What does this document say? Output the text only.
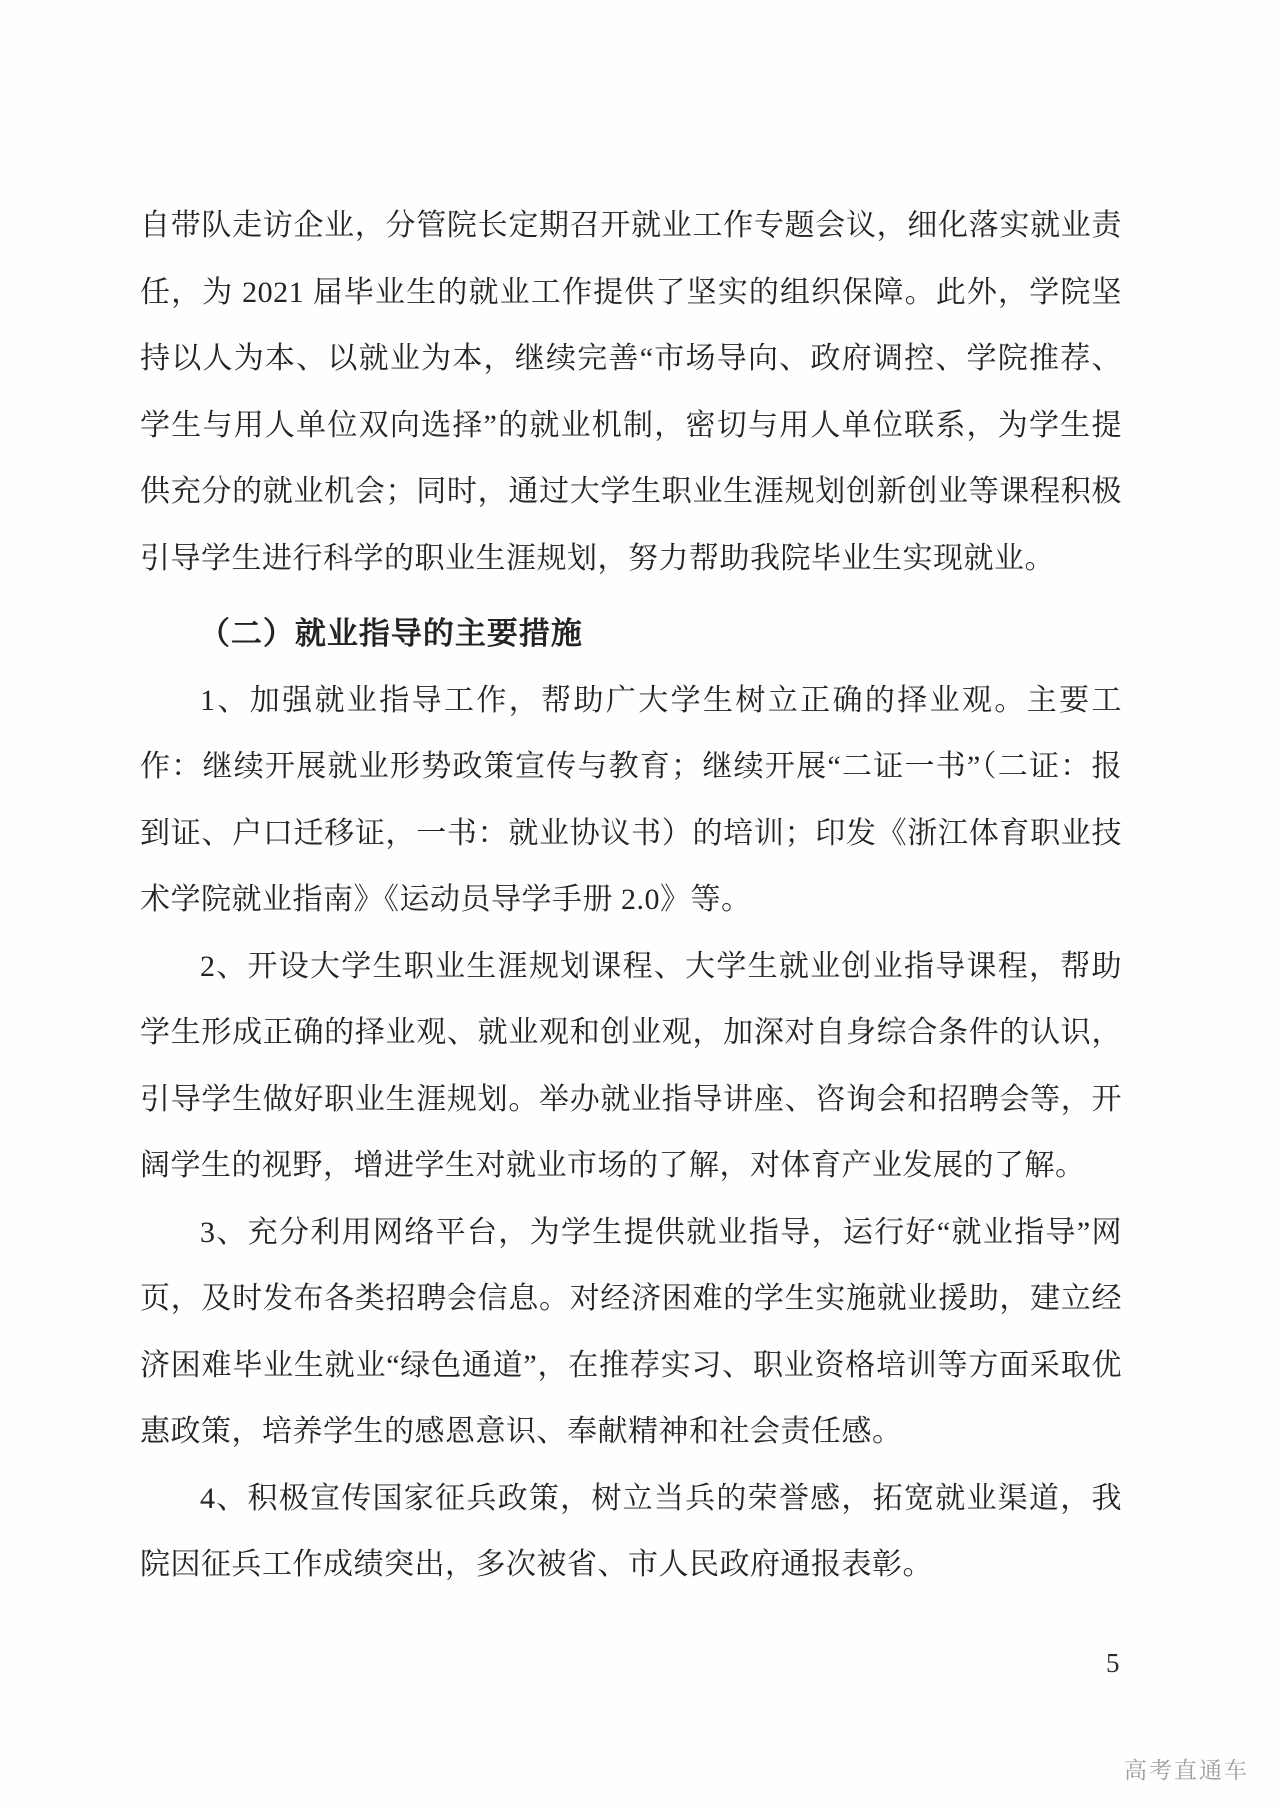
自带队走访企业，分管院长定期召开就业工作专题会议，细化落实就业责任，为 2021 届毕业生的就业工作提供了坚实的组织保障。此外，学院坚持以人为本、以就业为本，继续完善“市场导向、政府调控、学院推荐、学生与用人单位双向选择”的就业机制，密切与用人单位联系，为学生提供充分的就业机会；同时，通过大学生职业生涯规划创新创业等课程积极引导学生进行科学的职业生涯规划，努力帮助我院毕业生实现就业。

（二）就业指导的主要措施

1、加强就业指导工作，帮助广大学生树立正确的择业观。主要工作：继续开展就业形势政策宣传与教育；继续开展“二证一书”（二证：报到证、户口迁移证，一书：就业协议书）的培训；印发《浙江体育职业技术学院就业指南》《运动员导学手册 2.0》等。

2、开设大学生职业生涯规划课程、大学生就业创业指导课程，帮助学生形成正确的择业观、就业观和创业观，加深对自身综合条件的认识，引导学生做好职业生涯规划。举办就业指导讲座、咨询会和招聘会等，开阔学生的视野，增进学生对就业市场的了解，对体育产业发展的了解。

3、充分利用网络平台，为学生提供就业指导，运行好“就业指导”网页，及时发布各类招聘会信息。对经济困难的学生实施就业援助，建立经济困难毕业生就业“绿色通道”，在推荐实习、职业资格培训等方面采取优惠政策，培养学生的感恩意识、奉献精神和社会责任感。

4、积极宣传国家征兵政策，树立当兵的荣誉感，拓宽就业渠道，我院因征兵工作成绩突出，多次被省、市人民政府通报表彰。

5
高考直通车
